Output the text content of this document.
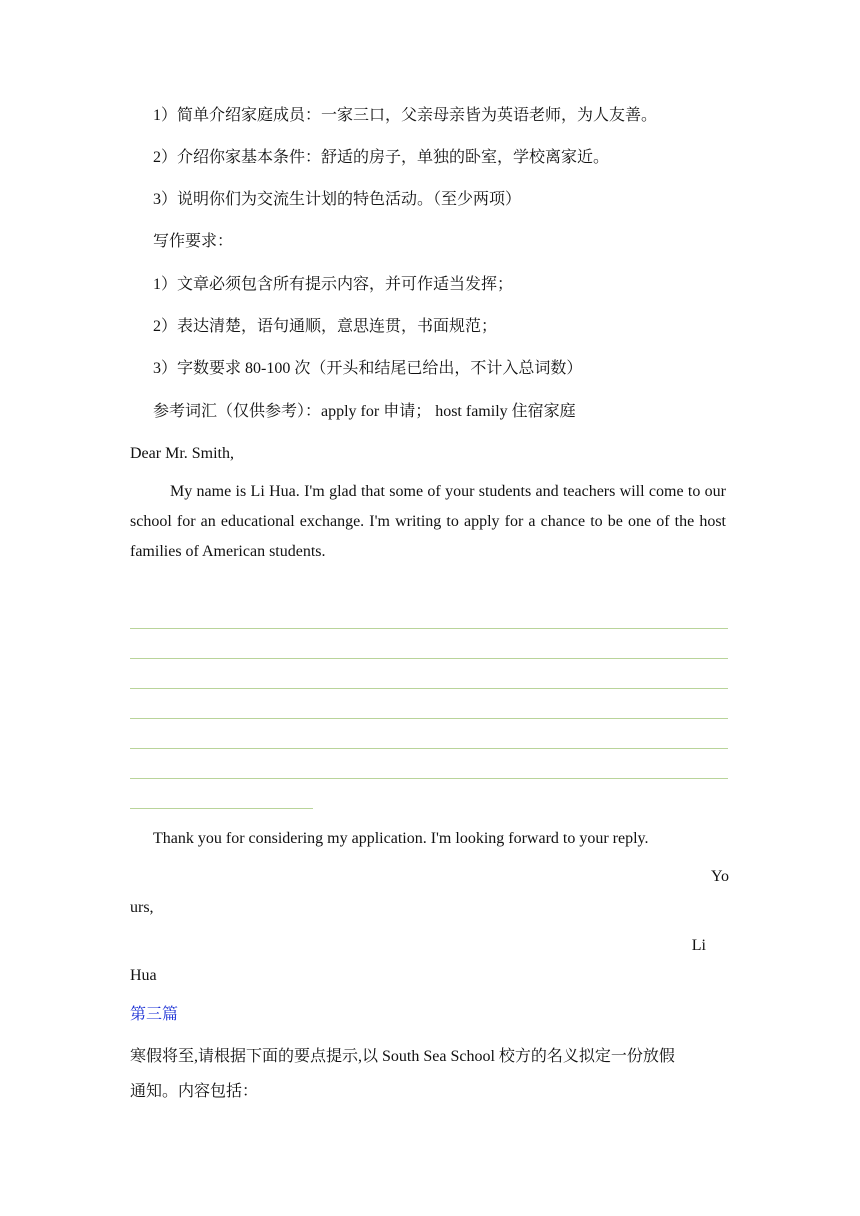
1）简单介绍家庭成员：一家三口，父亲母亲皆为英语老师，为人友善。
2）介绍你家基本条件：舒适的房子，单独的卧室，学校离家近。
3）说明你们为交流生计划的特色活动。（至少两项）
写作要求：
1）文章必须包含所有提示内容，并可作适当发挥；
2）表达清楚，语句通顺，意思连贯，书面规范；
3）字数要求 80-100 次（开头和结尾已给出，不计入总词数）
参考词汇（仅供参考）：apply for 申请； host family 住宿家庭
Dear Mr. Smith,
My name is Li Hua. I'm glad that some of your students and teachers will come to our school for an educational exchange. I'm writing to apply for a chance to be one of the host families of American students.
Thank you for considering my application. I'm looking forward to your reply.
Yo
urs,
Li
Hua
第三篇
寒假将至,请根据下面的要点提示,以 South Sea School 校方的名义拟定一份放假
通知。内容包括：
